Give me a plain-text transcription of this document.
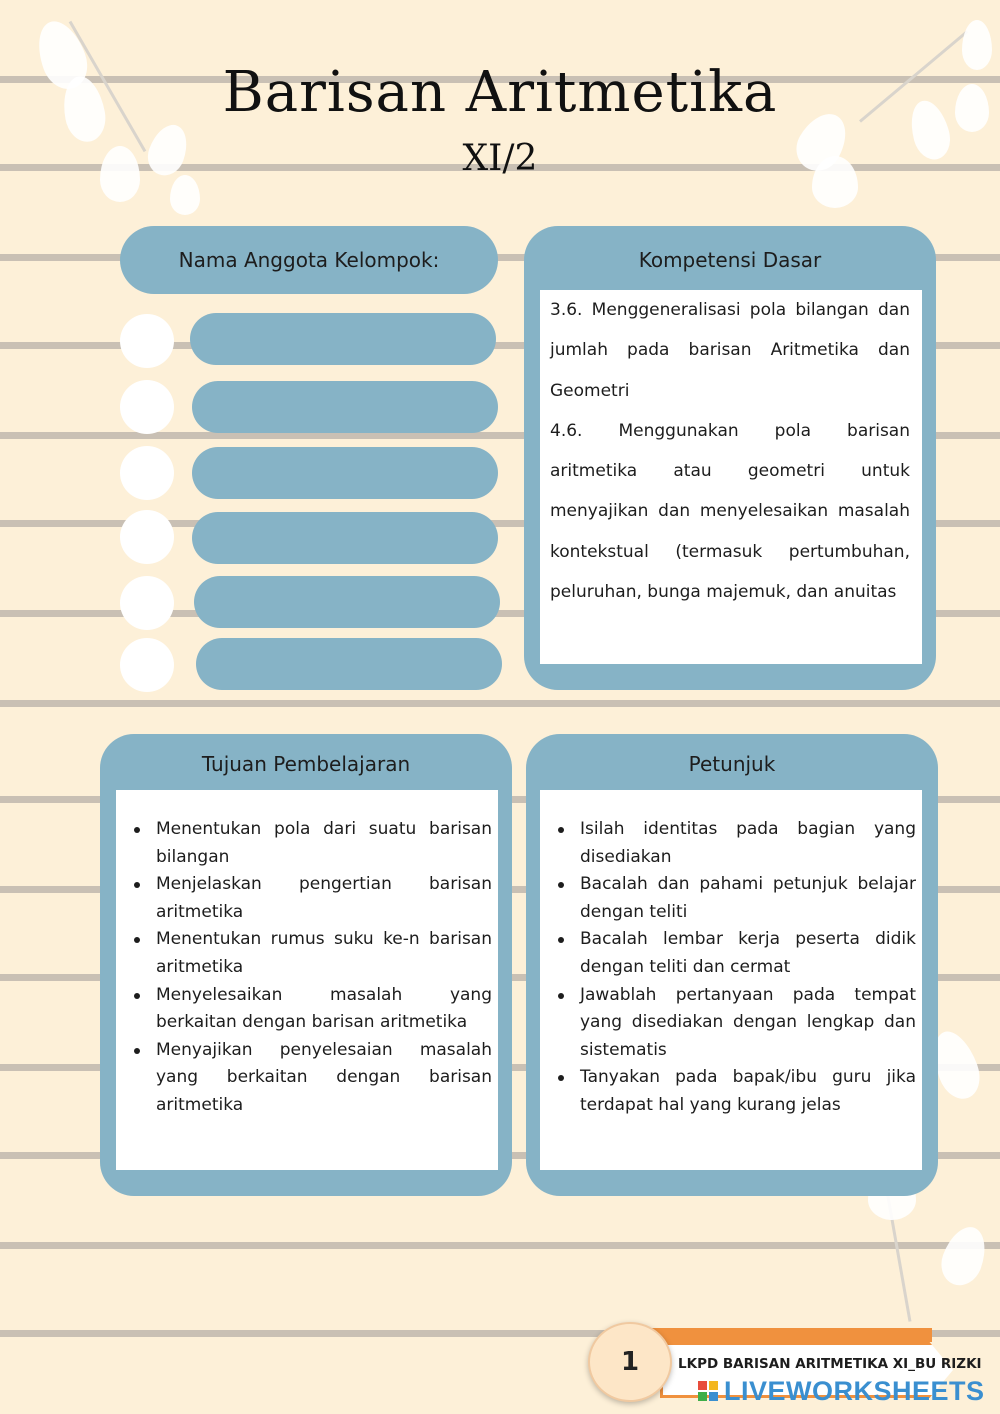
Barisan Aritmetika
XI/2
Nama Anggota Kelompok:	Kompetensi Dasar

3.6. Menggeneralisasi pola bilangan dan jumlah pada barisan Aritmetika dan Geometri

4.6. Menggunakan pola barisan aritmetika atau geometri untuk menyajikan dan menyelesaikan masalah kontekstual (termasuk pertumbuhan, peluruhan, bunga majemuk, dan anuitas

Tujuan Pembelajaran
Menentukan pola dari suatu barisan bilangan
Menjelaskan pengertian barisan aritmetika
Menentukan rumus suku ke-n barisan aritmetika
Menyelesaikan masalah yang berkaitan dengan barisan aritmetika
Menyajikan penyelesaian masalah yang berkaitan dengan barisan aritmetika
Petunjuk
Isilah identitas pada bagian yang disediakan
Bacalah dan pahami petunjuk belajar dengan teliti
Bacalah lembar kerja peserta didik dengan teliti dan cermat
Jawablah pertanyaan pada tempat yang disediakan dengan lengkap dan sistematis
Tanyakan pada bapak/ibu guru jika terdapat hal yang kurang jelas
LKPD BARISAN ARITMETIKA XI_BU RIZKI
1
LIVEWORKSHEETS
